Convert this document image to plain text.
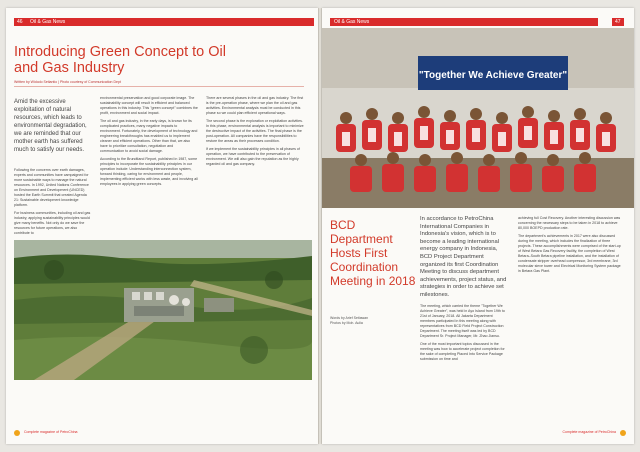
46	Oil & Gas News
Introducing Green Concept to Oil and Gas Industry
Written by Widodo Setiantio | Photo courtesy of Communication Dept
Amid the excessive exploitation of natural resources, which leads to environmental degradation, we are reminded that our mother earth has suffered much to satisfy our needs.

Following the concerns over earth damages, experts and communities have campaigned for more sustainable ways to manage the natural resources. In 1992, United Nations Conference on Environment and Development (UNCED) hosted the Earth Summit that created Agenda 21: Sustainable development knowledge platform.

For business communities, including oil and gas industry, applying sustainability principles would give many benefits. Not only do we save the resources for future operations, we also contribute to

environmental preservation and good corporate image. The sustainability concept will result in efficient and balanced operations in this industry. This "green concept" combines the profit, environment and social impact.

The oil and gas industry, in the early days, is known for its complicated practices, many negative impacts to environment. Fortunately, the development of technology and engineering breakthroughs has enabled us to implement cleaner and efficient operations. Other than that, we also have to prioritize consultation, negotiation and communication to avoid social damage.

According to the Brundtland Report, published in 1987, some principles to incorporate the sustainability principles in our operation include: Understanding interconnection system, forward thinking, caring for environment and people, implementing efficient works with less waste, and involving all employees in applying green concepts.

There are several phases in the oil and gas industry. The first is the pre-operation phase, where we plan the oil and gas activities. Environmental analysis must be conducted in this phase so we could plan efficient operational ways.

The second phase is the exploration or exploitation activities. In this phase, environmental analysis is important to minimize the destructive impact of the activities. The final phase is the post-operation. All companies have the responsibilities to restore the areas as their processes condition.

If we implement the sustainability principles in all phases of operation, we have contributed to the preservation of environment. We will also gain the reputation as the highly regarded oil and gas company.

Complete magazine of PetroChina
Oil & Gas News	47
"Together We Achieve Greater"
BCD Department Hosts First Coordination Meeting in 2018
Words by Arief Setiawan
Photos by Moh. Aulia
In accordance to PetroChina International Companies in Indonesia's vision, which is to become a leading international energy company in Indonesia, BCD Project Department organized its first Coordination Meeting to discuss department achievements, project status, and strategies in order to achieve set milestones.

The meeting, which carried the theme "Together We Achieve Greater", was held in Ayo Island from 19th to 21st of January, 2018. All Jakarta Department members participated in this meeting along with representatives from BCD Field Project Construction Department. The meeting itself was led by BCD Department Sr. Project Manager, Mr. Zhao Jiansu.

One of the most important topics discussed in the meeting was how to accelerate project completion for the sake of completing Placed Into Service Package submission on time and

achieving full Cost Recovery. Another interesting discussion was concerning the necessary steps to be taken in 2018 to achieve 80,000 BOEPD production rate.

The department's achievements in 2017 were also discussed during the meeting, which includes the finalization of three projects. These accomplishments were comprised of the start-up of West Betara Gas Recovery facility, the completion of West Betara–South Betara pipeline installation, and the installation of condensate stripper overhead compressor, 3rd membrane, 3rd molecular sieve tower and Electrical Monitoring System package in Betara Gas Plant.

Complete magazine of PetroChina
